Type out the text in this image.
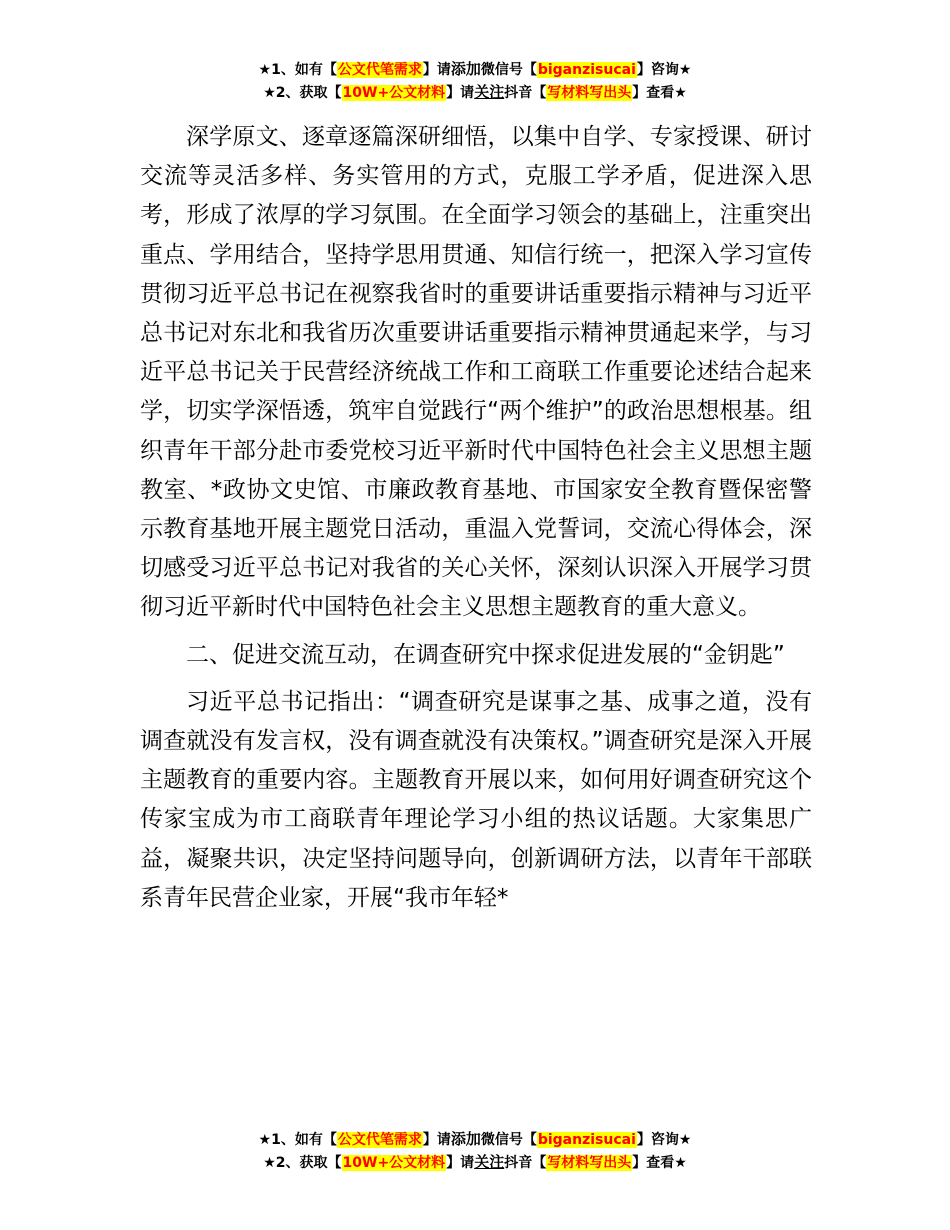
★1、如有【公文代笔需求】请添加微信号【biganzisucai】咨询★
★2、获取【10W+公文材料】请关注抖音【写材料写出头】查看★

深学原文、逐章逐篇深研细悟，以集中自学、专家授课、研讨交流等灵活多样、务实管用的方式，克服工学矛盾，促进深入思考，形成了浓厚的学习氛围。在全面学习领会的基础上，注重突出重点、学用结合，坚持学思用贯通、知信行统一，把深入学习宣传贯彻习近平总书记在视察我省时的重要讲话重要指示精神与习近平总书记对东北和我省历次重要讲话重要指示精神贯通起来学，与习近平总书记关于民营经济统战工作和工商联工作重要论述结合起来学，切实学深悟透，筑牢自觉践行“两个维护”的政治思想根基。组织青年干部分赴市委党校习近平新时代中国特色社会主义思想主题教室、*政协文史馆、市廉政教育基地、市国家安全教育暨保密警示教育基地开展主题党日活动，重温入党誓词，交流心得体会，深切感受习近平总书记对我省的关心关怀，深刻认识深入开展学习贯彻习近平新时代中国特色社会主义思想主题教育的重大意义。

二、促进交流互动，在调查研究中探求促进发展的“金钥匙”

习近平总书记指出：“调查研究是谋事之基、成事之道，没有调查就没有发言权，没有调查就没有决策权。”调查研究是深入开展主题教育的重要内容。主题教育开展以来，如何用好调查研究这个传家宝成为市工商联青年理论学习小组的热议话题。大家集思广益，凝聚共识，决定坚持问题导向，创新调研方法，以青年干部联系青年民营企业家，开展“我市年轻*

★1、如有【公文代笔需求】请添加微信号【biganzisucai】咨询★
★2、获取【10W+公文材料】请关注抖音【写材料写出头】查看★
